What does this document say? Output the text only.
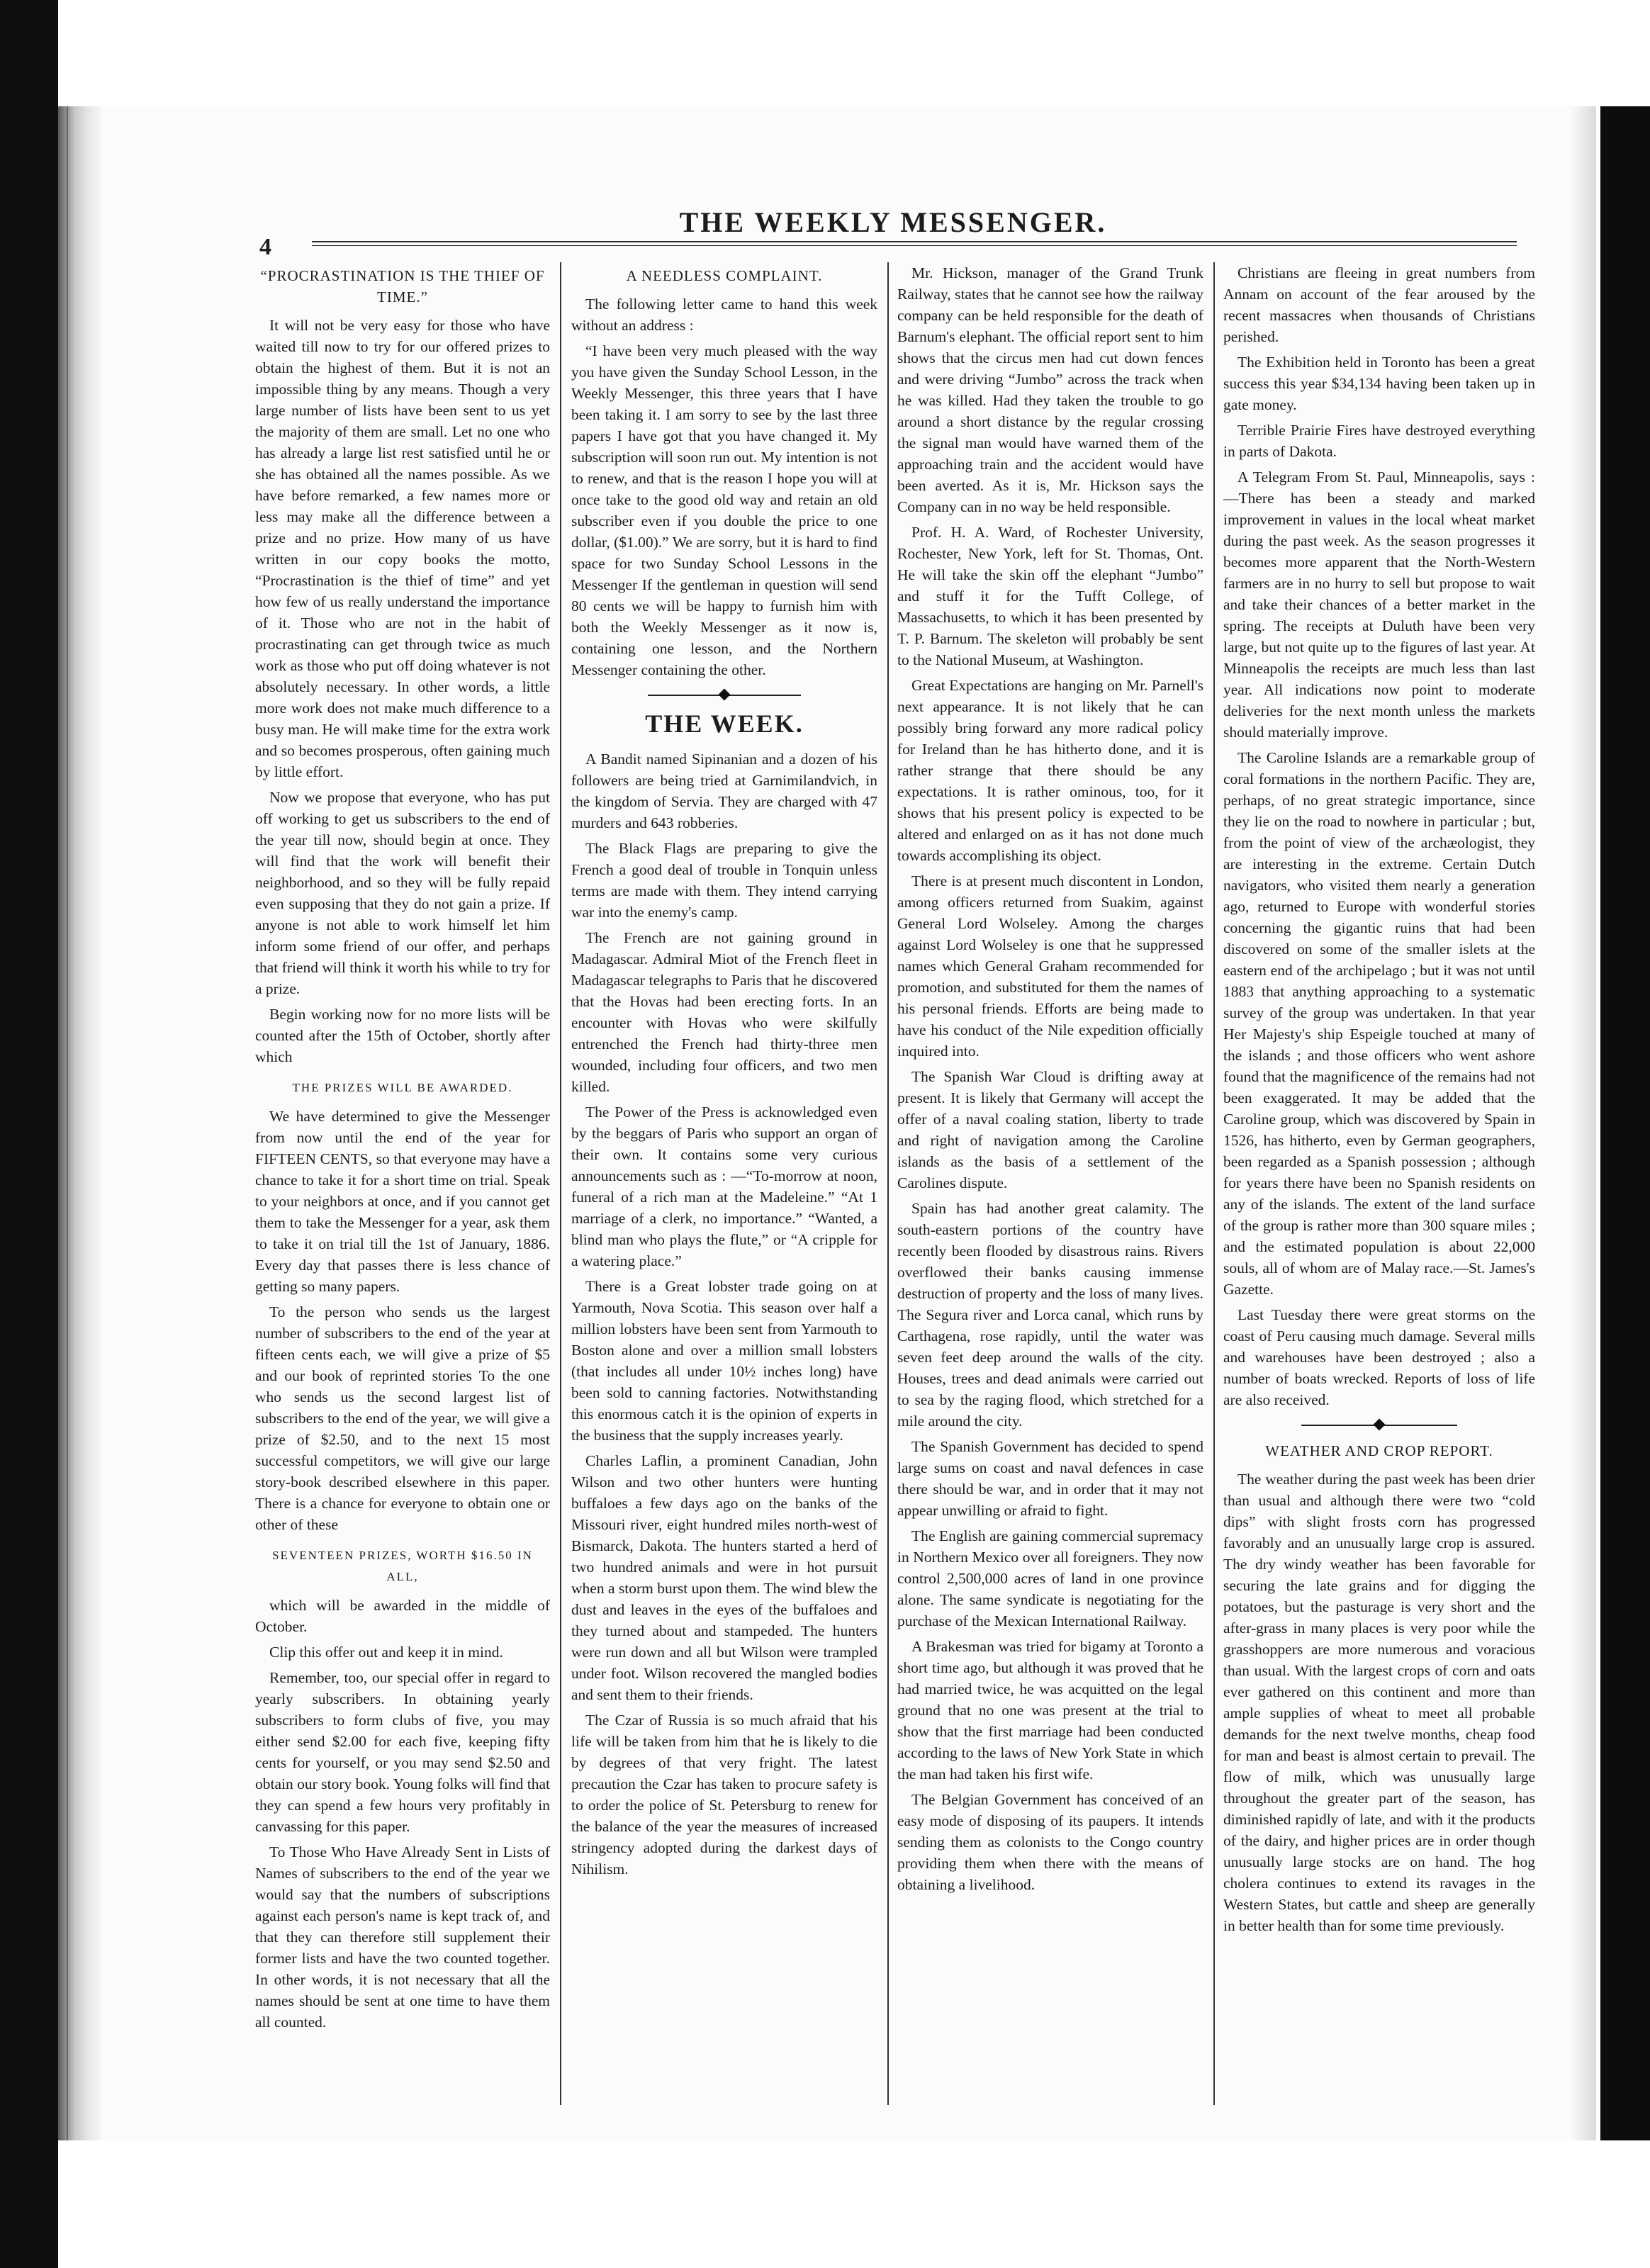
4
THE WEEKLY MESSENGER.

“PROCRASTINATION IS THE THIEF OF TIME.”

It will not be very easy for those who have waited till now to try for our offered prizes to obtain the highest of them. But it is not an impossible thing by any means. Though a very large number of lists have been sent to us yet the majority of them are small. Let no one who has already a large list rest satisfied until he or she has obtained all the names possible. As we have before remarked, a few names more or less may make all the difference between a prize and no prize. How many of us have written in our copy books the motto, “Procrastination is the thief of time” and yet how few of us really understand the importance of it. Those who are not in the habit of procrastinating can get through twice as much work as those who put off doing whatever is not absolutely necessary. In other words, a little more work does not make much difference to a busy man. He will make time for the extra work and so becomes prosperous, often gaining much by little effort.

Now we propose that everyone, who has put off working to get us subscribers to the end of the year till now, should begin at once. They will find that the work will benefit their neighborhood, and so they will be fully repaid even supposing that they do not gain a prize. If anyone is not able to work himself let him inform some friend of our offer, and perhaps that friend will think it worth his while to try for a prize.

Begin working now for no more lists will be counted after the 15th of October, shortly after which

THE PRIZES WILL BE AWARDED.

We have determined to give the Messenger from now until the end of the year for FIFTEEN CENTS, so that everyone may have a chance to take it for a short time on trial. Speak to your neighbors at once, and if you cannot get them to take the Messenger for a year, ask them to take it on trial till the 1st of January, 1886. Every day that passes there is less chance of getting so many papers.

To the person who sends us the largest number of subscribers to the end of the year at fifteen cents each, we will give a prize of $5 and our book of reprinted stories To the one who sends us the second largest list of subscribers to the end of the year, we will give a prize of $2.50, and to the next 15 most successful competitors, we will give our large story-book described elsewhere in this paper. There is a chance for everyone to obtain one or other of these

SEVENTEEN PRIZES, WORTH $16.50 IN ALL,

which will be awarded in the middle of October.

Clip this offer out and keep it in mind.

Remember, too, our special offer in regard to yearly subscribers. In obtaining yearly subscribers to form clubs of five, you may either send $2.00 for each five, keeping fifty cents for yourself, or you may send $2.50 and obtain our story book. Young folks will find that they can spend a few hours very profitably in canvassing for this paper.

To Those Who Have Already Sent in Lists of Names of subscribers to the end of the year we would say that the numbers of subscriptions against each person's name is kept track of, and that they can therefore still supplement their former lists and have the two counted together. In other words, it is not necessary that all the names should be sent at one time to have them all counted.

A NEEDLESS COMPLAINT.

The following letter came to hand this week without an address :

“I have been very much pleased with the way you have given the Sunday School Lesson, in the Weekly Messenger, this three years that I have been taking it. I am sorry to see by the last three papers I have got that you have changed it. My subscription will soon run out. My intention is not to renew, and that is the reason I hope you will at once take to the good old way and retain an old subscriber even if you double the price to one dollar, ($1.00).” We are sorry, but it is hard to find space for two Sunday School Lessons in the Messenger If the gentleman in question will send 80 cents we will be happy to furnish him with both the Weekly Messenger as it now is, containing one lesson, and the Northern Messenger containing the other.

THE WEEK.

A Bandit named Sipinanian and a dozen of his followers are being tried at Garnimilandvich, in the kingdom of Servia. They are charged with 47 murders and 643 robberies.

The Black Flags are preparing to give the French a good deal of trouble in Tonquin unless terms are made with them. They intend carrying war into the enemy's camp.

The French are not gaining ground in Madagascar. Admiral Miot of the French fleet in Madagascar telegraphs to Paris that he discovered that the Hovas had been erecting forts. In an encounter with Hovas who were skilfully entrenched the French had thirty-three men wounded, including four officers, and two men killed.

The Power of the Press is acknowledged even by the beggars of Paris who support an organ of their own. It contains some very curious announcements such as : —“To-morrow at noon, funeral of a rich man at the Madeleine.” “At 1 marriage of a clerk, no importance.” “Wanted, a blind man who plays the flute,” or “A cripple for a watering place.”

There is a Great lobster trade going on at Yarmouth, Nova Scotia. This season over half a million lobsters have been sent from Yarmouth to Boston alone and over a million small lobsters (that includes all under 10½ inches long) have been sold to canning factories. Notwithstanding this enormous catch it is the opinion of experts in the business that the supply increases yearly.

Charles Laflin, a prominent Canadian, John Wilson and two other hunters were hunting buffaloes a few days ago on the banks of the Missouri river, eight hundred miles north-west of Bismarck, Dakota. The hunters started a herd of two hundred animals and were in hot pursuit when a storm burst upon them. The wind blew the dust and leaves in the eyes of the buffaloes and they turned about and stampeded. The hunters were run down and all but Wilson were trampled under foot. Wilson recovered the mangled bodies and sent them to their friends.

The Czar of Russia is so much afraid that his life will be taken from him that he is likely to die by degrees of that very fright. The latest precaution the Czar has taken to procure safety is to order the police of St. Petersburg to renew for the balance of the year the measures of increased stringency adopted during the darkest days of Nihilism.

Mr. Hickson, manager of the Grand Trunk Railway, states that he cannot see how the railway company can be held responsible for the death of Barnum's elephant. The official report sent to him shows that the circus men had cut down fences and were driving “Jumbo” across the track when he was killed. Had they taken the trouble to go around a short distance by the regular crossing the signal man would have warned them of the approaching train and the accident would have been averted. As it is, Mr. Hickson says the Company can in no way be held responsible.

Prof. H. A. Ward, of Rochester University, Rochester, New York, left for St. Thomas, Ont. He will take the skin off the elephant “Jumbo” and stuff it for the Tufft College, of Massachusetts, to which it has been presented by T. P. Barnum. The skeleton will probably be sent to the National Museum, at Washington.

Great Expectations are hanging on Mr. Parnell's next appearance. It is not likely that he can possibly bring forward any more radical policy for Ireland than he has hitherto done, and it is rather strange that there should be any expectations. It is rather ominous, too, for it shows that his present policy is expected to be altered and enlarged on as it has not done much towards accomplishing its object.

There is at present much discontent in London, among officers returned from Suakim, against General Lord Wolseley. Among the charges against Lord Wolseley is one that he suppressed names which General Graham recommended for promotion, and substituted for them the names of his personal friends. Efforts are being made to have his conduct of the Nile expedition officially inquired into.

The Spanish War Cloud is drifting away at present. It is likely that Germany will accept the offer of a naval coaling station, liberty to trade and right of navigation among the Caroline islands as the basis of a settlement of the Carolines dispute.

Spain has had another great calamity. The south-eastern portions of the country have recently been flooded by disastrous rains. Rivers overflowed their banks causing immense destruction of property and the loss of many lives. The Segura river and Lorca canal, which runs by Carthagena, rose rapidly, until the water was seven feet deep around the walls of the city. Houses, trees and dead animals were carried out to sea by the raging flood, which stretched for a mile around the city.

The Spanish Government has decided to spend large sums on coast and naval defences in case there should be war, and in order that it may not appear unwilling or afraid to fight.

The English are gaining commercial supremacy in Northern Mexico over all foreigners. They now control 2,500,000 acres of land in one province alone. The same syndicate is negotiating for the purchase of the Mexican International Railway.

A Brakesman was tried for bigamy at Toronto a short time ago, but although it was proved that he had married twice, he was acquitted on the legal ground that no one was present at the trial to show that the first marriage had been conducted according to the laws of New York State in which the man had taken his first wife.

The Belgian Government has conceived of an easy mode of disposing of its paupers. It intends sending them as colonists to the Congo country providing them when there with the means of obtaining a livelihood.

Christians are fleeing in great numbers from Annam on account of the fear aroused by the recent massacres when thousands of Christians perished.

The Exhibition held in Toronto has been a great success this year $34,134 having been taken up in gate money.

Terrible Prairie Fires have destroyed everything in parts of Dakota.

A Telegram From St. Paul, Minneapolis, says :—There has been a steady and marked improvement in values in the local wheat market during the past week. As the season progresses it becomes more apparent that the North-Western farmers are in no hurry to sell but propose to wait and take their chances of a better market in the spring. The receipts at Duluth have been very large, but not quite up to the figures of last year. At Minneapolis the receipts are much less than last year. All indications now point to moderate deliveries for the next month unless the markets should materially improve.

The Caroline Islands are a remarkable group of coral formations in the northern Pacific. They are, perhaps, of no great strategic importance, since they lie on the road to nowhere in particular ; but, from the point of view of the archæologist, they are interesting in the extreme. Certain Dutch navigators, who visited them nearly a generation ago, returned to Europe with wonderful stories concerning the gigantic ruins that had been discovered on some of the smaller islets at the eastern end of the archipelago ; but it was not until 1883 that anything approaching to a systematic survey of the group was undertaken. In that year Her Majesty's ship Espeigle touched at many of the islands ; and those officers who went ashore found that the magnificence of the remains had not been exaggerated. It may be added that the Caroline group, which was discovered by Spain in 1526, has hitherto, even by German geographers, been regarded as a Spanish possession ; although for years there have been no Spanish residents on any of the islands. The extent of the land surface of the group is rather more than 300 square miles ; and the estimated population is about 22,000 souls, all of whom are of Malay race.—St. James's Gazette.

Last Tuesday there were great storms on the coast of Peru causing much damage. Several mills and warehouses have been destroyed ; also a number of boats wrecked. Reports of loss of life are also received.

WEATHER AND CROP REPORT.

The weather during the past week has been drier than usual and although there were two “cold dips” with slight frosts corn has progressed favorably and an unusually large crop is assured. The dry windy weather has been favorable for securing the late grains and for digging the potatoes, but the pasturage is very short and the after-grass in many places is very poor while the grasshoppers are more numerous and voracious than usual. With the largest crops of corn and oats ever gathered on this continent and more than ample supplies of wheat to meet all probable demands for the next twelve months, cheap food for man and beast is almost certain to prevail. The flow of milk, which was unusually large throughout the greater part of the season, has diminished rapidly of late, and with it the products of the dairy, and higher prices are in order though unusually large stocks are on hand. The hog cholera continues to extend its ravages in the Western States, but cattle and sheep are generally in better health than for some time previously.
